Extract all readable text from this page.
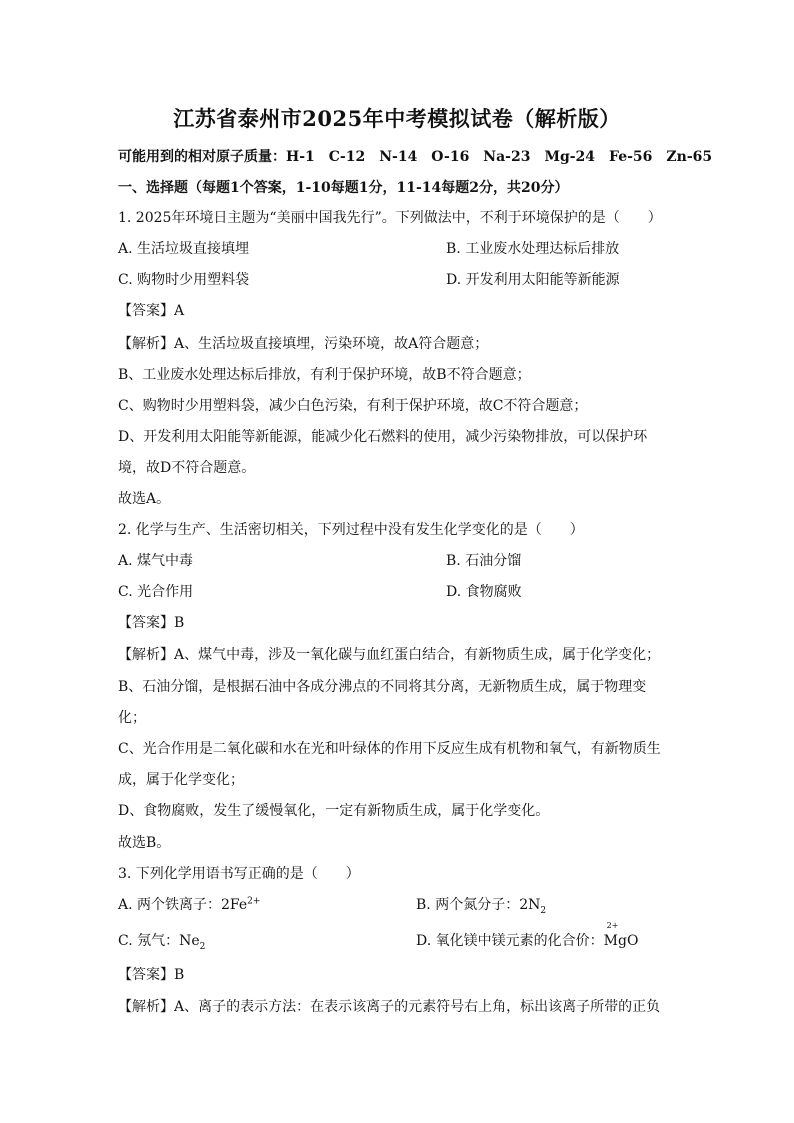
江苏省泰州市2025年中考模拟试卷（解析版）
可能用到的相对原子质量：H-1　C-12　N-14　O-16　Na-23　Mg-24　Fe-56　Zn-65
一、选择题（每题1个答案，1-10每题1分，11-14每题2分，共20分）
1. 2025年环境日主题为“美丽中国我先行”。下列做法中，不利于环境保护的是（　　）
A. 生活垃圾直接填埋	B. 工业废水处理达标后排放
C. 购物时少用塑料袋	D. 开发利用太阳能等新能源
【答案】A
【解析】A、生活垃圾直接填埋，污染环境，故A符合题意；
B、工业废水处理达标后排放，有利于保护环境，故B不符合题意；
C、购物时少用塑料袋，减少白色污染，有利于保护环境，故C不符合题意；
D、开发利用太阳能等新能源，能减少化石燃料的使用，减少污染物排放，可以保护环
境，故D不符合题意。
故选A。
2. 化学与生产、生活密切相关，下列过程中没有发生化学变化的是（　　）
A. 煤气中毒	B. 石油分馏
C. 光合作用	D. 食物腐败
【答案】B
【解析】A、煤气中毒，涉及一氧化碳与血红蛋白结合，有新物质生成，属于化学变化；
B、石油分馏，是根据石油中各成分沸点的不同将其分离，无新物质生成，属于物理变
化；
C、光合作用是二氧化碳和水在光和叶绿体的作用下反应生成有机物和氧气，有新物质生
成，属于化学变化；
D、食物腐败，发生了缓慢氧化，一定有新物质生成，属于化学变化。
故选B。
3. 下列化学用语书写正确的是（　　）
A. 两个铁离子：$2Fe^{2+}$	B. 两个氮分子：$2N_2$
C. 氖气：$Ne_2$	D. 氧化镁中镁元素的化合价：
2+
MgO
【答案】B
【解析】A、离子的表示方法：在表示该离子的元素符号右上角，标出该离子所带的正负
